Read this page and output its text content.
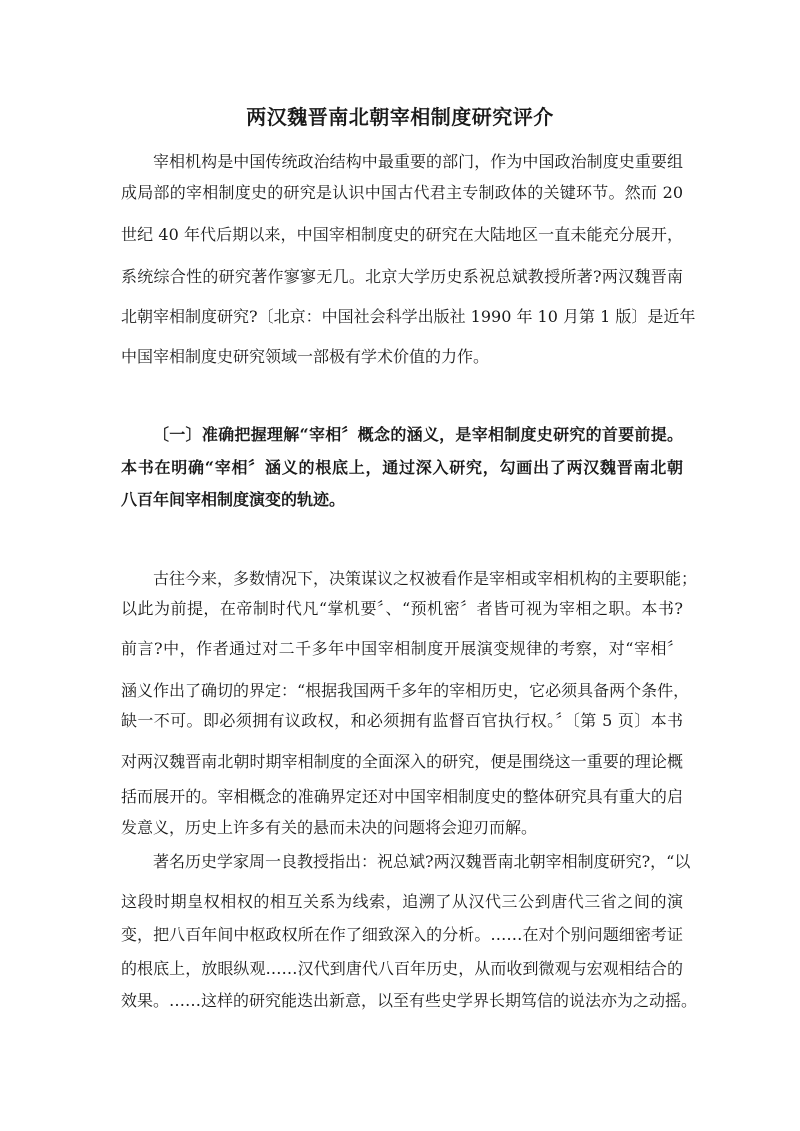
两汉魏晋南北朝宰相制度研究评介
宰相机构是中国传统政治结构中最重要的部门，作为中国政治制度史重要组
成局部的宰相制度史的研究是认识中国古代君主专制政体的关键环节。然而 20
世纪 40 年代后期以来，中国宰相制度史的研究在大陆地区一直未能充分展开，
系统综合性的研究著作寥寥无几。北京大学历史系祝总斌教授所著?两汉魏晋南
北朝宰相制度研究?〔北京：中国社会科学出版社 1990 年 10 月第 1 版〕是近年
中国宰相制度史研究领域一部极有学术价值的力作。
〔一〕准确把握理解“宰相〞概念的涵义，是宰相制度史研究的首要前提。
本书在明确“宰相〞涵义的根底上，通过深入研究，勾画出了两汉魏晋南北朝
八百年间宰相制度演变的轨迹。
古往今来，多数情况下，决策谋议之权被看作是宰相或宰相机构的主要职能；
以此为前提，在帝制时代凡“掌机要〞、“预机密〞者皆可视为宰相之职。本书?
前言?中，作者通过对二千多年中国宰相制度开展演变规律的考察，对“宰相〞
涵义作出了确切的界定：“根据我国两千多年的宰相历史，它必须具备两个条件，
缺一不可。即必须拥有议政权，和必须拥有监督百官执行权。〞〔第 5 页〕本书
对两汉魏晋南北朝时期宰相制度的全面深入的研究，便是围绕这一重要的理论概
括而展开的。宰相概念的准确界定还对中国宰相制度史的整体研究具有重大的启
发意义，历史上许多有关的悬而未决的问题将会迎刃而解。
著名历史学家周一良教授指出：祝总斌?两汉魏晋南北朝宰相制度研究?，“以
这段时期皇权相权的相互关系为线索，追溯了从汉代三公到唐代三省之间的演
变，把八百年间中枢政权所在作了细致深入的分析。……在对个别问题细密考证
的根底上，放眼纵观……汉代到唐代八百年历史，从而收到微观与宏观相结合的
效果。……这样的研究能迭出新意，以至有些史学界长期笃信的说法亦为之动摇。
